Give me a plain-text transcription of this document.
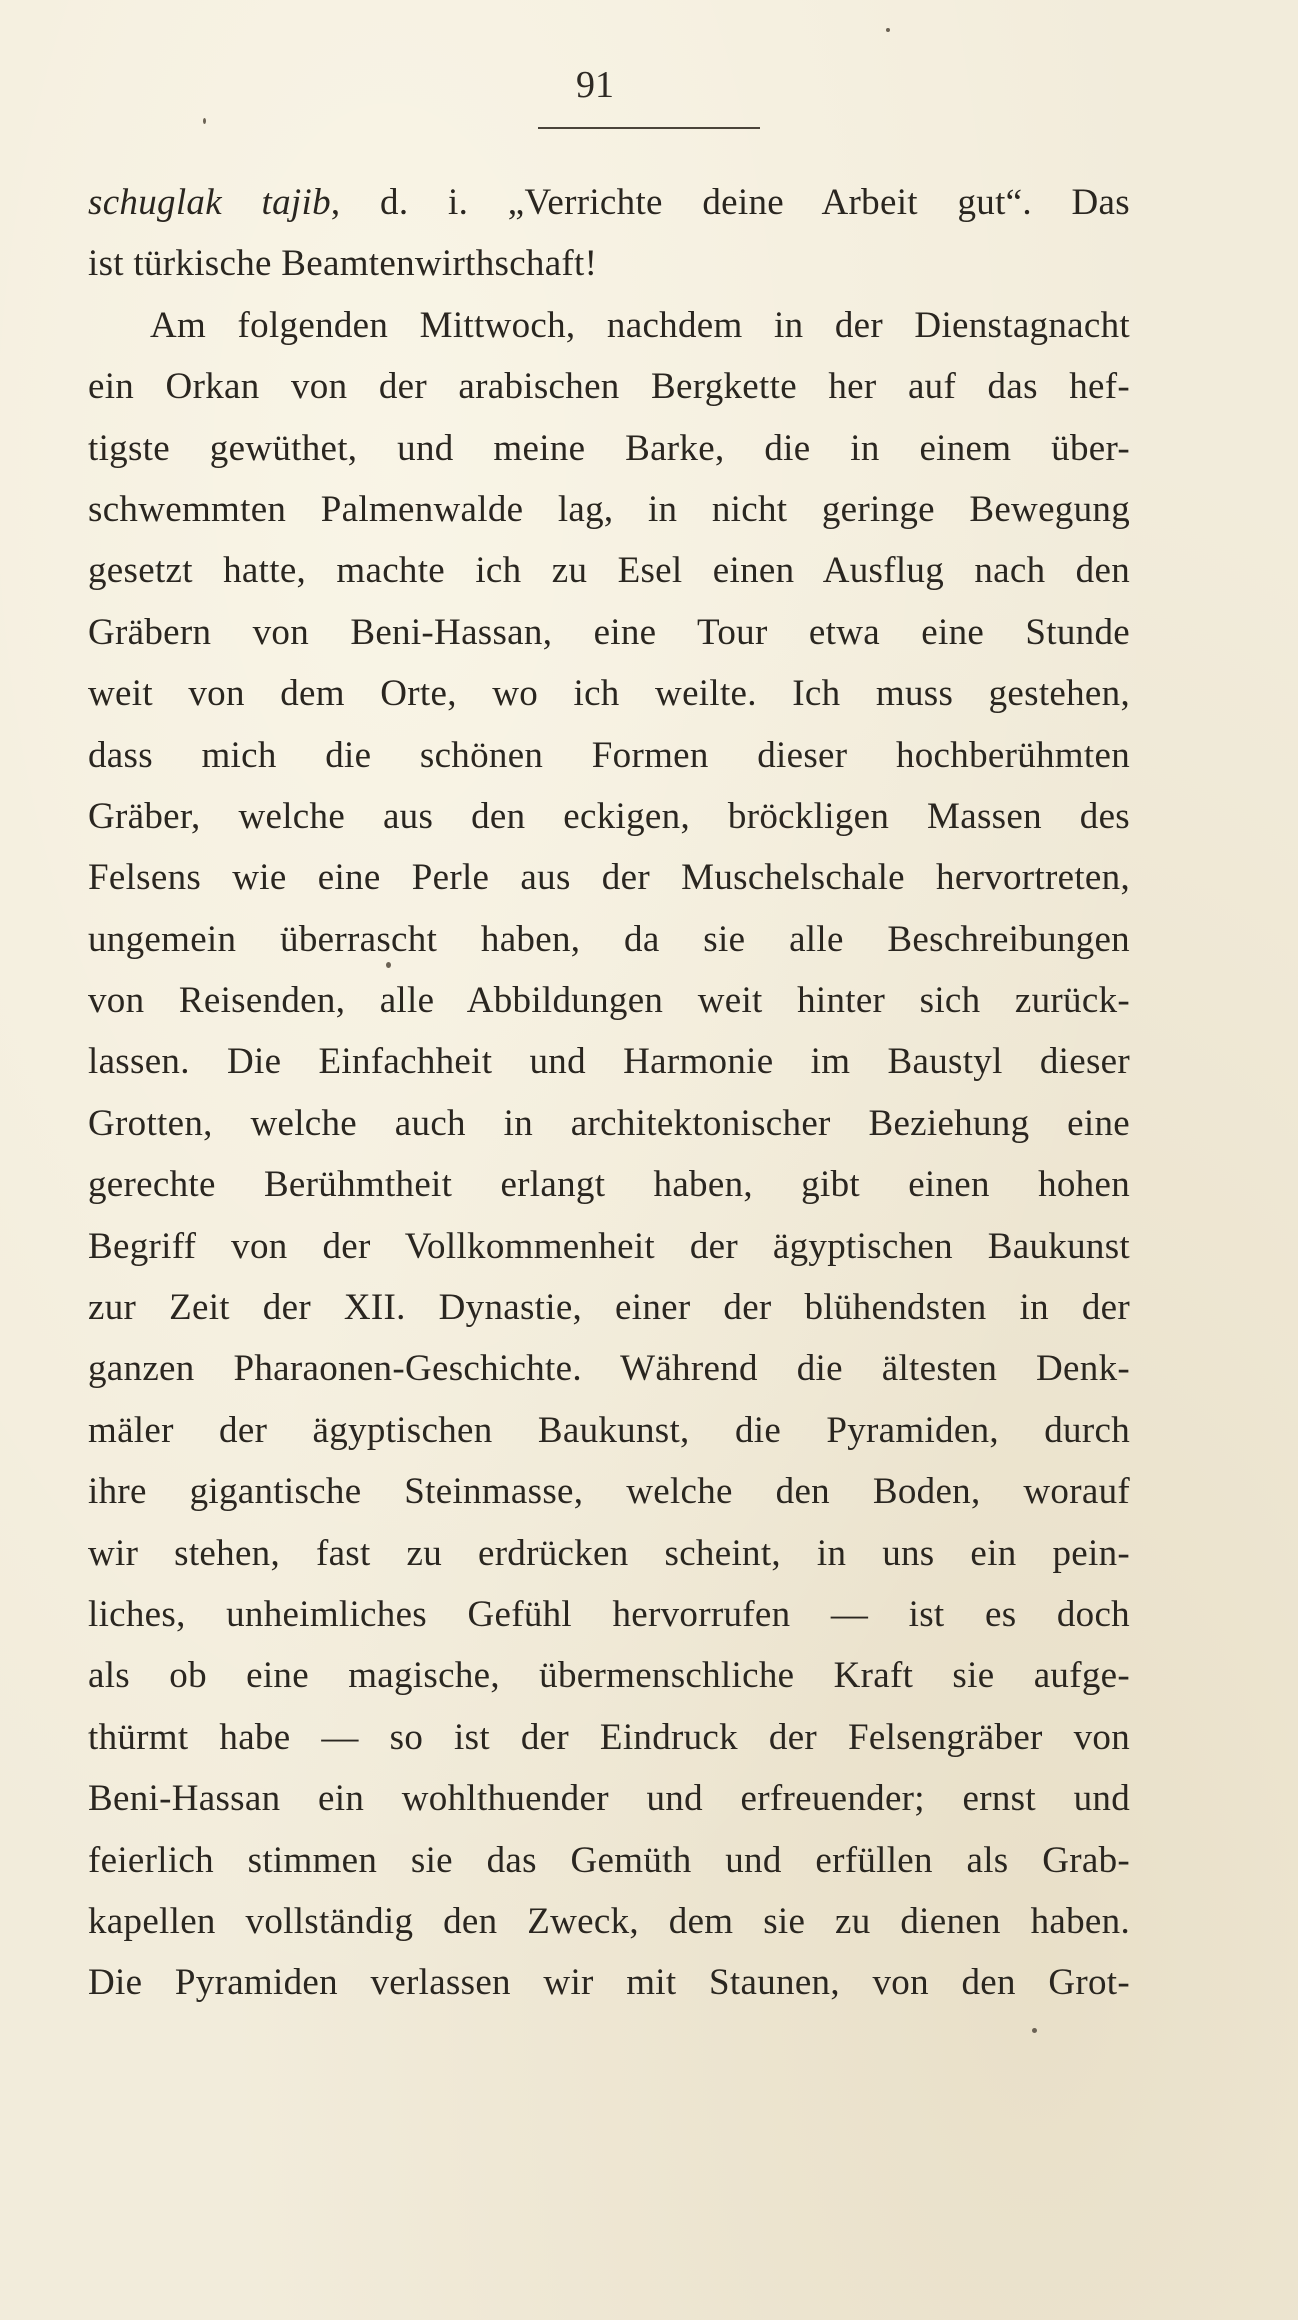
91
schuglak tajib, d. i. „Verrichte deine Arbeit gut“. Das
ist türkische Beamtenwirthschaft!
Am folgenden Mittwoch, nachdem in der Dienstagnacht
ein Orkan von der arabischen Bergkette her auf das hef-
tigste gewüthet, und meine Barke, die in einem über-
schwemmten Palmenwalde lag, in nicht geringe Bewegung
gesetzt hatte, machte ich zu Esel einen Ausflug nach den
Gräbern von Beni-Hassan, eine Tour etwa eine Stunde
weit von dem Orte, wo ich weilte. Ich muss gestehen,
dass mich die schönen Formen dieser hochberühmten
Gräber, welche aus den eckigen, bröckligen Massen des
Felsens wie eine Perle aus der Muschelschale hervortreten,
ungemein überrascht haben, da sie alle Beschreibungen
von Reisenden, alle Abbildungen weit hinter sich zurück-
lassen. Die Einfachheit und Harmonie im Baustyl dieser
Grotten, welche auch in architektonischer Beziehung eine
gerechte Berühmtheit erlangt haben, gibt einen hohen
Begriff von der Vollkommenheit der ägyptischen Baukunst
zur Zeit der XII. Dynastie, einer der blühendsten in der
ganzen Pharaonen-Geschichte. Während die ältesten Denk-
mäler der ägyptischen Baukunst, die Pyramiden, durch
ihre gigantische Steinmasse, welche den Boden, worauf
wir stehen, fast zu erdrücken scheint, in uns ein pein-
liches, unheimliches Gefühl hervorrufen — ist es doch
als ob eine magische, übermenschliche Kraft sie aufge-
thürmt habe — so ist der Eindruck der Felsengräber von
Beni-Hassan ein wohlthuender und erfreuender; ernst und
feierlich stimmen sie das Gemüth und erfüllen als Grab-
kapellen vollständig den Zweck, dem sie zu dienen haben.
Die Pyramiden verlassen wir mit Staunen, von den Grot-
